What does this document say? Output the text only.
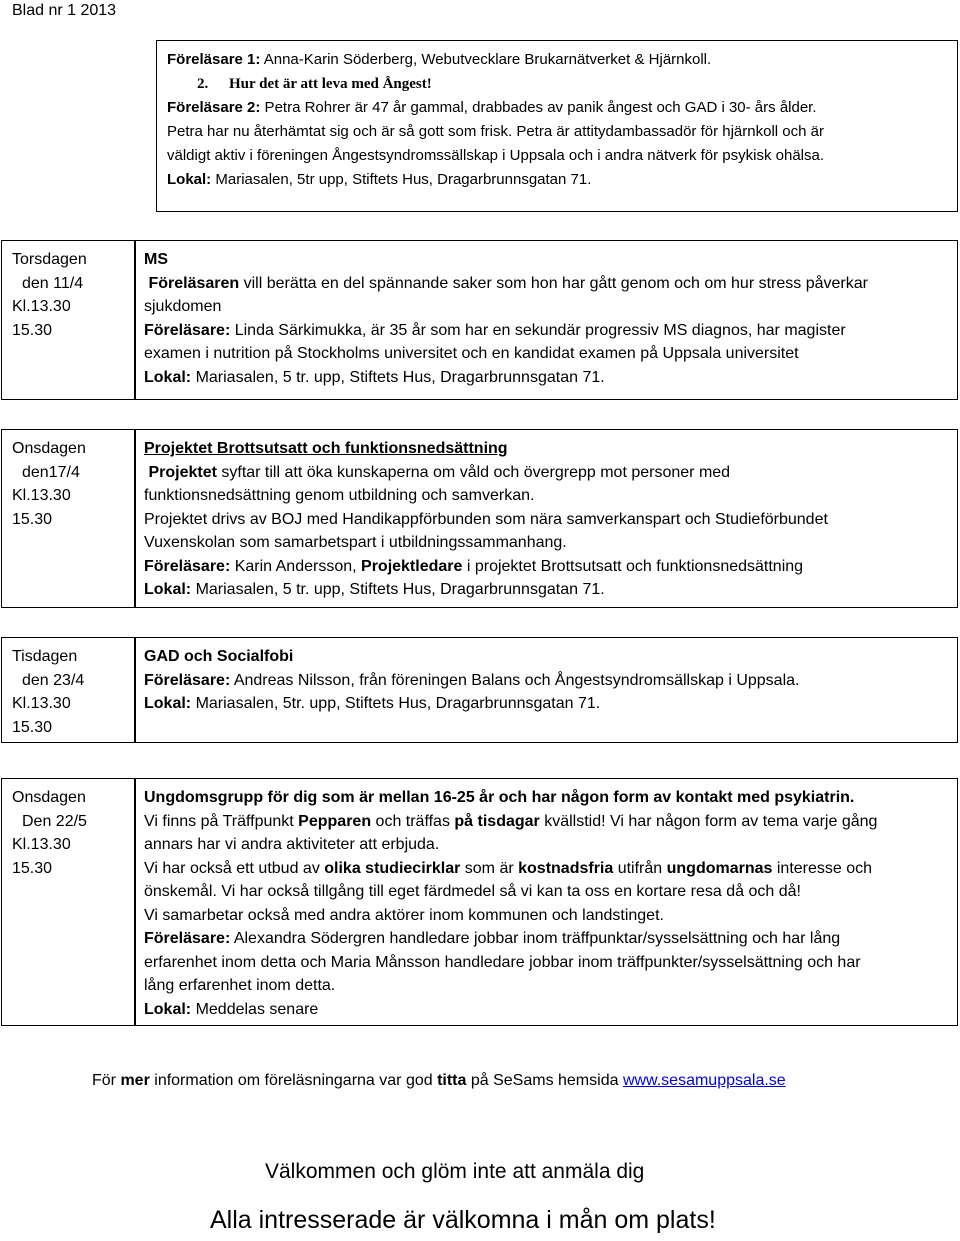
Blad nr 1 2013
Föreläsare 1: Anna-Karin Söderberg, Webutvecklare Brukarnätverket & Hjärnkoll.
2. Hur det är att leva med Ångest!
Föreläsare 2: Petra Rohrer är 47 år gammal, drabbades av panik ångest och GAD i 30- års ålder.
Petra har nu återhämtat sig och är så gott som frisk. Petra är attitydambassadör för hjärnkoll och är
väldigt aktiv i föreningen Ångestsyndromssällskap i Uppsala och i andra nätverk för psykisk ohälsa.
Lokal: Mariasalen, 5tr upp, Stiftets Hus, Dragarbrunnsgatan 71.
Torsdagen
den 11/4
Kl.13.30
15.30
MS
Föreläsaren vill berätta en del spännande saker som hon har gått genom och om hur stress påverkar
sjukdomen
Föreläsare: Linda Särkimukka, är 35 år som har en sekundär progressiv MS diagnos, har magister
examen i nutrition på Stockholms universitet och en kandidat examen på Uppsala universitet
Lokal: Mariasalen, 5 tr. upp, Stiftets Hus, Dragarbrunnsgatan 71.
Onsdagen
den17/4
Kl.13.30
15.30
Projektet Brottsutsatt och funktionsnedsättning
Projektet syftar till att öka kunskaperna om våld och övergrepp mot personer med
funktionsnedsättning genom utbildning och samverkan.
Projektet drivs av BOJ med Handikappförbunden som nära samverkanspart och Studieförbundet
Vuxenskolan som samarbetspart i utbildningssammanhang.
Föreläsare: Karin Andersson, Projektledare i projektet Brottsutsatt och funktionsnedsättning
Lokal: Mariasalen, 5 tr. upp, Stiftets Hus, Dragarbrunnsgatan 71.
Tisdagen
den 23/4
Kl.13.30
15.30
GAD och Socialfobi
Föreläsare: Andreas Nilsson, från föreningen Balans och Ångestsyndromsällskap i Uppsala.
Lokal: Mariasalen, 5tr. upp, Stiftets Hus, Dragarbrunnsgatan 71.
Onsdagen
Den 22/5
Kl.13.30
15.30
Ungdomsgrupp för dig som är mellan 16-25 år och har någon form av kontakt med psykiatrin.
Vi finns på Träffpunkt Pepparen och träffas på tisdagar kvällstid! Vi har någon form av tema varje gång
annars har vi andra aktiviteter att erbjuda.
Vi har också ett utbud av olika studiecirklar som är kostnadsfria utifrån ungdomarnas interesse och
önskemål. Vi har också tillgång till eget färdmedel så vi kan ta oss en kortare resa då och då!
Vi samarbetar också med andra aktörer inom kommunen och landstinget.
Föreläsare: Alexandra Södergren handledare jobbar inom träffpunktar/sysselsättning och har lång
erfarenhet inom detta och Maria Månsson handledare jobbar inom träffpunkter/sysselsättning och har
lång erfarenhet inom detta.
Lokal: Meddelas senare
För mer information om föreläsningarna var god titta på SeSams hemsida www.sesamuppsala.se
Välkommen och glöm inte att anmäla dig
Alla intresserade är välkomna i mån om plats!
